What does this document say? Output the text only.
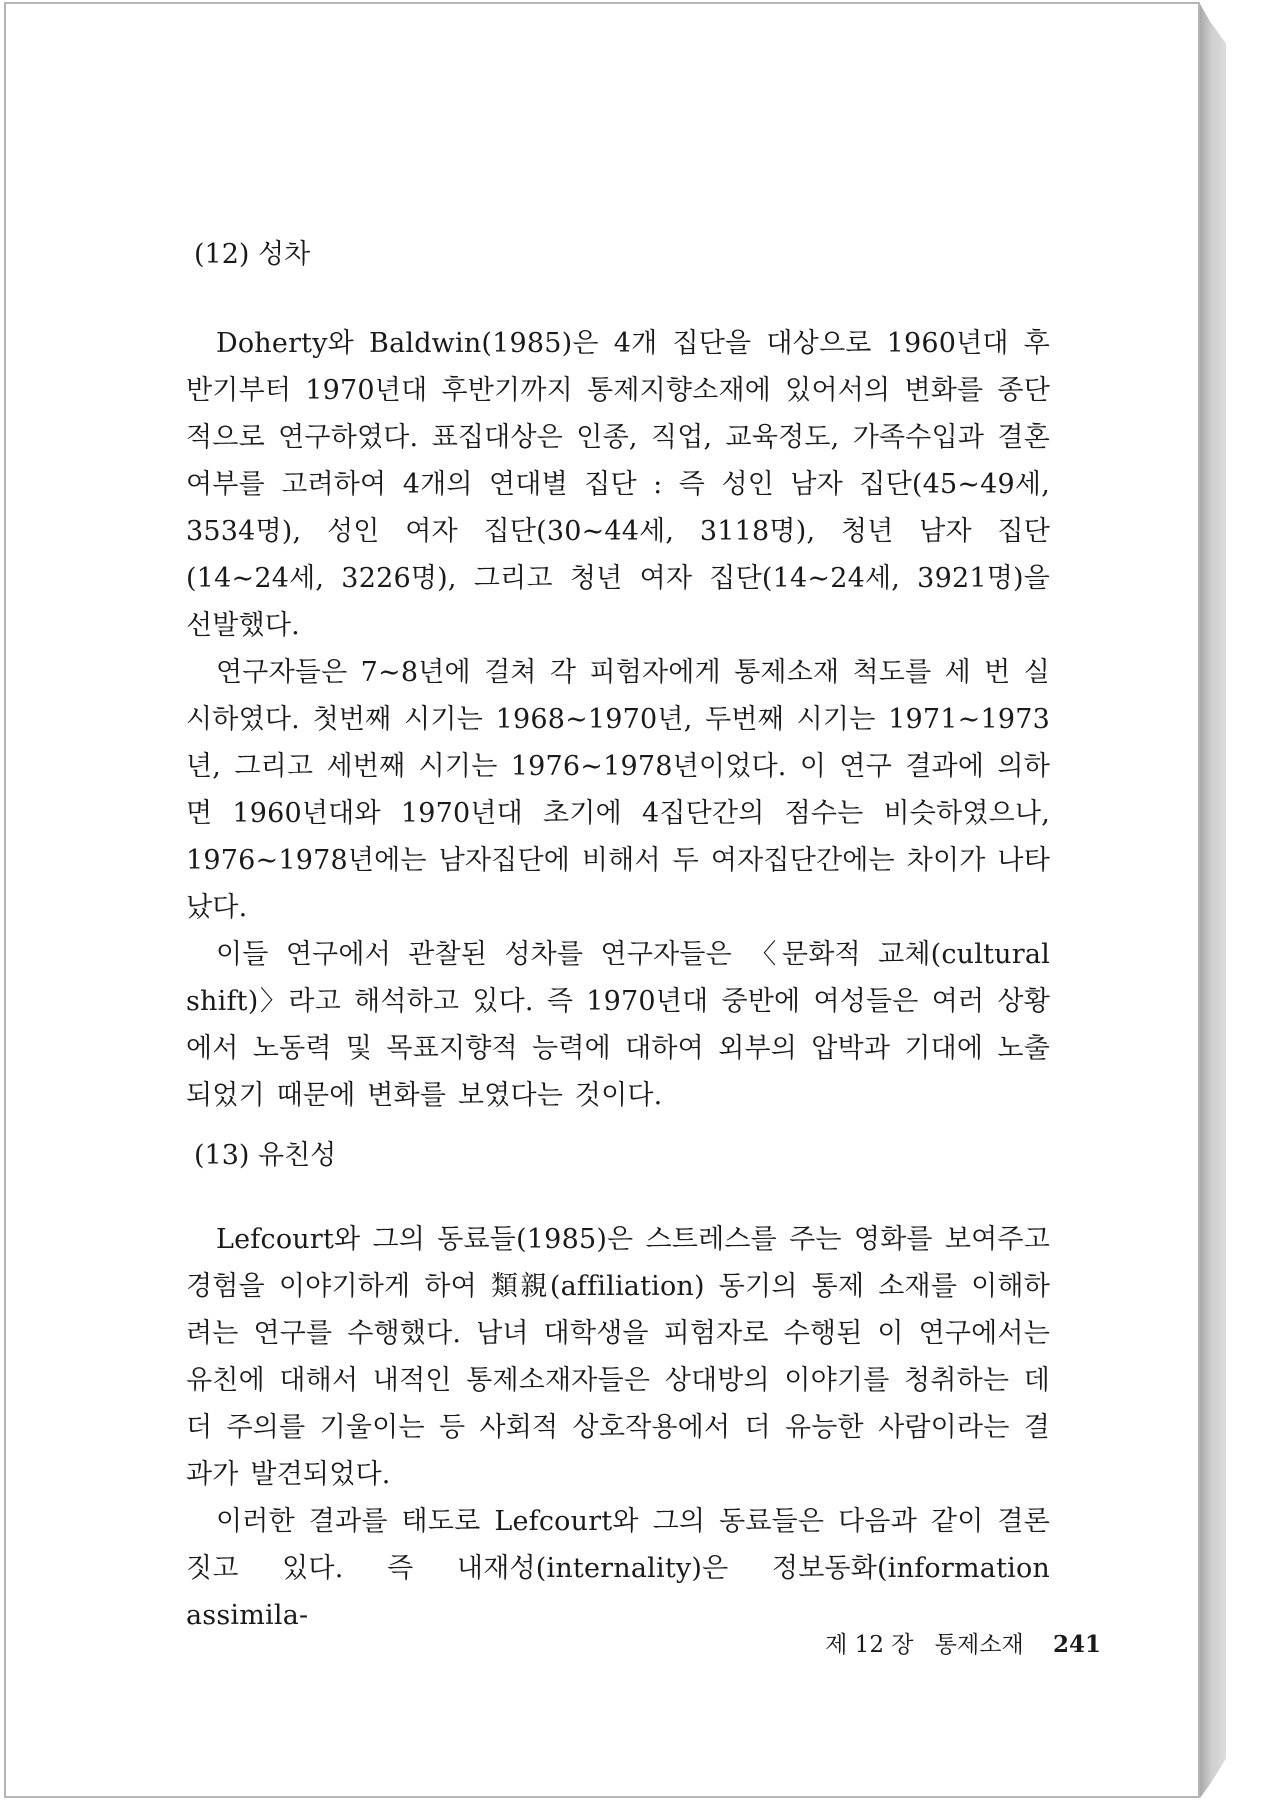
(12) 성차

Doherty와 Baldwin(1985)은 4개 집단을 대상으로 1960년대 후반기부터 1970년대 후반기까지 통제지향소재에 있어서의 변화를 종단적으로 연구하였다. 표집대상은 인종, 직업, 교육정도, 가족수입과 결혼 여부를 고려하여 4개의 연대별 집단 : 즉 성인 남자 집단(45∼49세, 3534명), 성인 여자 집단(30∼44세, 3118명), 청년 남자 집단(14∼24세, 3226명), 그리고 청년 여자 집단(14∼24세, 3921명)을 선발했다.

연구자들은 7∼8년에 걸쳐 각 피험자에게 통제소재 척도를 세 번 실시하였다. 첫번째 시기는 1968∼1970년, 두번째 시기는 1971∼1973년, 그리고 세번째 시기는 1976∼1978년이었다. 이 연구 결과에 의하면 1960년대와 1970년대 초기에 4집단간의 점수는 비슷하였으나, 1976∼1978년에는 남자집단에 비해서 두 여자집단간에는 차이가 나타났다.

이들 연구에서 관찰된 성차를 연구자들은 〈문화적 교체(cultural shift)〉라고 해석하고 있다. 즉 1970년대 중반에 여성들은 여러 상황에서 노동력 및 목표지향적 능력에 대하여 외부의 압박과 기대에 노출되었기 때문에 변화를 보였다는 것이다.

(13) 유친성

Lefcourt와 그의 동료들(1985)은 스트레스를 주는 영화를 보여주고 경험을 이야기하게 하여 類親(affiliation) 동기의 통제 소재를 이해하려는 연구를 수행했다. 남녀 대학생을 피험자로 수행된 이 연구에서는 유친에 대해서 내적인 통제소재자들은 상대방의 이야기를 청취하는 데 더 주의를 기울이는 등 사회적 상호작용에서 더 유능한 사람이라는 결과가 발견되었다.

이러한 결과를 태도로 Lefcourt와 그의 동료들은 다음과 같이 결론짓고 있다. 즉 내재성(internality)은 정보동화(information assimila-

제 12 장 통제소재 241
